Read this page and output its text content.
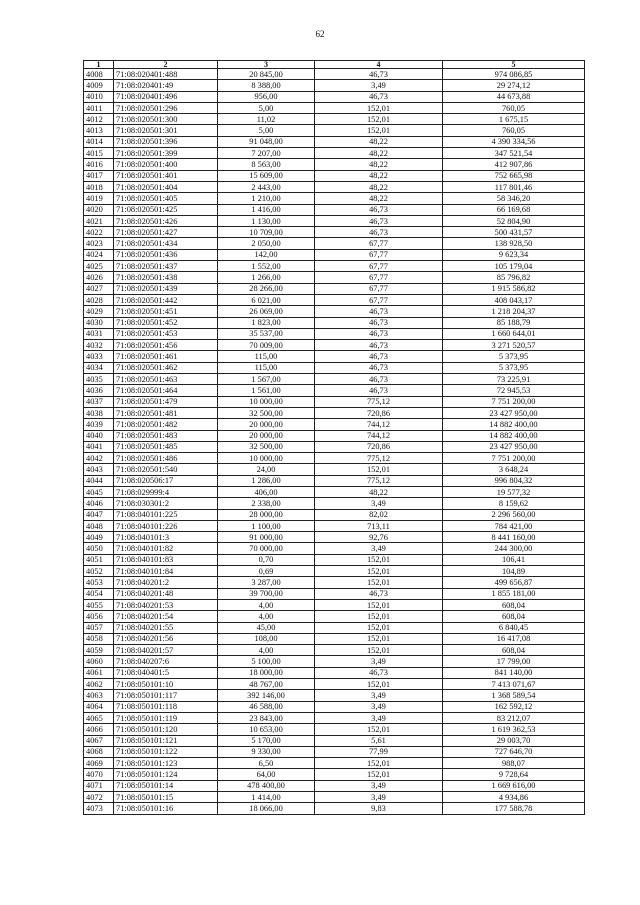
62
1	2	3	4	5
4008	71:08:020401:488	20 845,00	46,73	974 086,85
4009	71:08:020401:49	8 388,00	3,49	29 274,12
4010	71:08:020401:496	956,00	46,73	44 673,88
4011	71:08:020501:296	5,00	152,01	760,05
4012	71:08:020501:300	11,02	152,01	1 675,15
4013	71:08:020501:301	5,00	152,01	760,05
4014	71:08:020501:396	91 048,00	48,22	4 390 334,56
4015	71:08:020501:399	7 207,00	48,22	347 521,54
4016	71:08:020501:400	8 563,00	48,22	412 907,86
4017	71:08:020501:401	15 609,00	48,22	752 665,98
4018	71:08:020501:404	2 443,00	48,22	117 801,46
4019	71:08:020501:405	1 210,00	48,22	58 346,20
4020	71:08:020501:425	1 416,00	46,73	66 169,68
4021	71:08:020501:426	1 130,00	46,73	52 804,90
4022	71:08:020501:427	10 709,00	46,73	500 431,57
4023	71:08:020501:434	2 050,00	67,77	138 928,50
4024	71:08:020501:436	142,00	67,77	9 623,34
4025	71:08:020501:437	1 552,00	67,77	105 179,04
4026	71:08:020501:438	1 266,00	67,77	85 796,82
4027	71:08:020501:439	28 266,00	67,77	1 915 586,82
4028	71:08:020501:442	6 021,00	67,77	408 043,17
4029	71:08:020501:451	26 069,00	46,73	1 218 204,37
4030	71:08:020501:452	1 823,00	46,73	85 188,79
4031	71:08:020501:453	35 537,00	46,73	1 660 644,01
4032	71:08:020501:456	70 009,00	46,73	3 271 520,57
4033	71:08:020501:461	115,00	46,73	5 373,95
4034	71:08:020501:462	115,00	46,73	5 373,95
4035	71:08:020501:463	1 567,00	46,73	73 225,91
4036	71:08:020501:464	1 561,00	46,73	72 945,53
4037	71:08:020501:479	10 000,00	775,12	7 751 200,00
4038	71:08:020501:481	32 500,00	720,86	23 427 950,00
4039	71:08:020501:482	20 000,00	744,12	14 882 400,00
4040	71:08:020501:483	20 000,00	744,12	14 882 400,00
4041	71:08:020501:485	32 500,00	720,86	23 427 950,00
4042	71:08:020501:486	10 000,00	775,12	7 751 200,00
4043	71:08:020501:540	24,00	152,01	3 648,24
4044	71:08:020506:17	1 286,00	775,12	996 804,32
4045	71:08:029999:4	406,00	48,22	19 577,32
4046	71:08:030301:2	2 338,00	3,49	8 159,62
4047	71:08:040101:225	28 000,00	82,02	2 296 560,00
4048	71:08:040101:226	1 100,00	713,11	784 421,00
4049	71:08:040101:3	91 000,00	92,76	8 441 160,00
4050	71:08:040101:82	70 000,00	3,49	244 300,00
4051	71:08:040101:83	0,70	152,01	106,41
4052	71:08:040101:84	0,69	152,01	104,89
4053	71:08:040201:2	3 287,00	152,01	499 656,87
4054	71:08:040201:48	39 700,00	46,73	1 855 181,00
4055	71:08:040201:53	4,00	152,01	608,04
4056	71:08:040201:54	4,00	152,01	608,04
4057	71:08:040201:55	45,00	152,01	6 840,45
4058	71:08:040201:56	108,00	152,01	16 417,08
4059	71:08:040201:57	4,00	152,01	608,04
4060	71:08:040207:6	5 100,00	3,49	17 799,00
4061	71:08:040401:5	18 000,00	46,73	841 140,00
4062	71:08:050101:10	48 767,00	152,01	7 413 071,67
4063	71:08:050101:117	392 146,00	3,49	1 368 589,54
4064	71:08:050101:118	46 588,00	3,49	162 592,12
4065	71:08:050101:119	23 843,00	3,49	83 212,07
4066	71:08:050101:120	10 653,00	152,01	1 619 362,53
4067	71:08:050101:121	5 170,00	5,61	29 003,70
4068	71:08:050101:122	9 330,00	77,99	727 646,70
4069	71:08:050101:123	6,50	152,01	988,07
4070	71:08:050101:124	64,00	152,01	9 728,64
4071	71:08:050101:14	478 400,00	3,49	1 669 616,00
4072	71:08:050101:15	1 414,00	3,49	4 934,86
4073	71:08:050101:16	18 066,00	9,83	177 588,78
